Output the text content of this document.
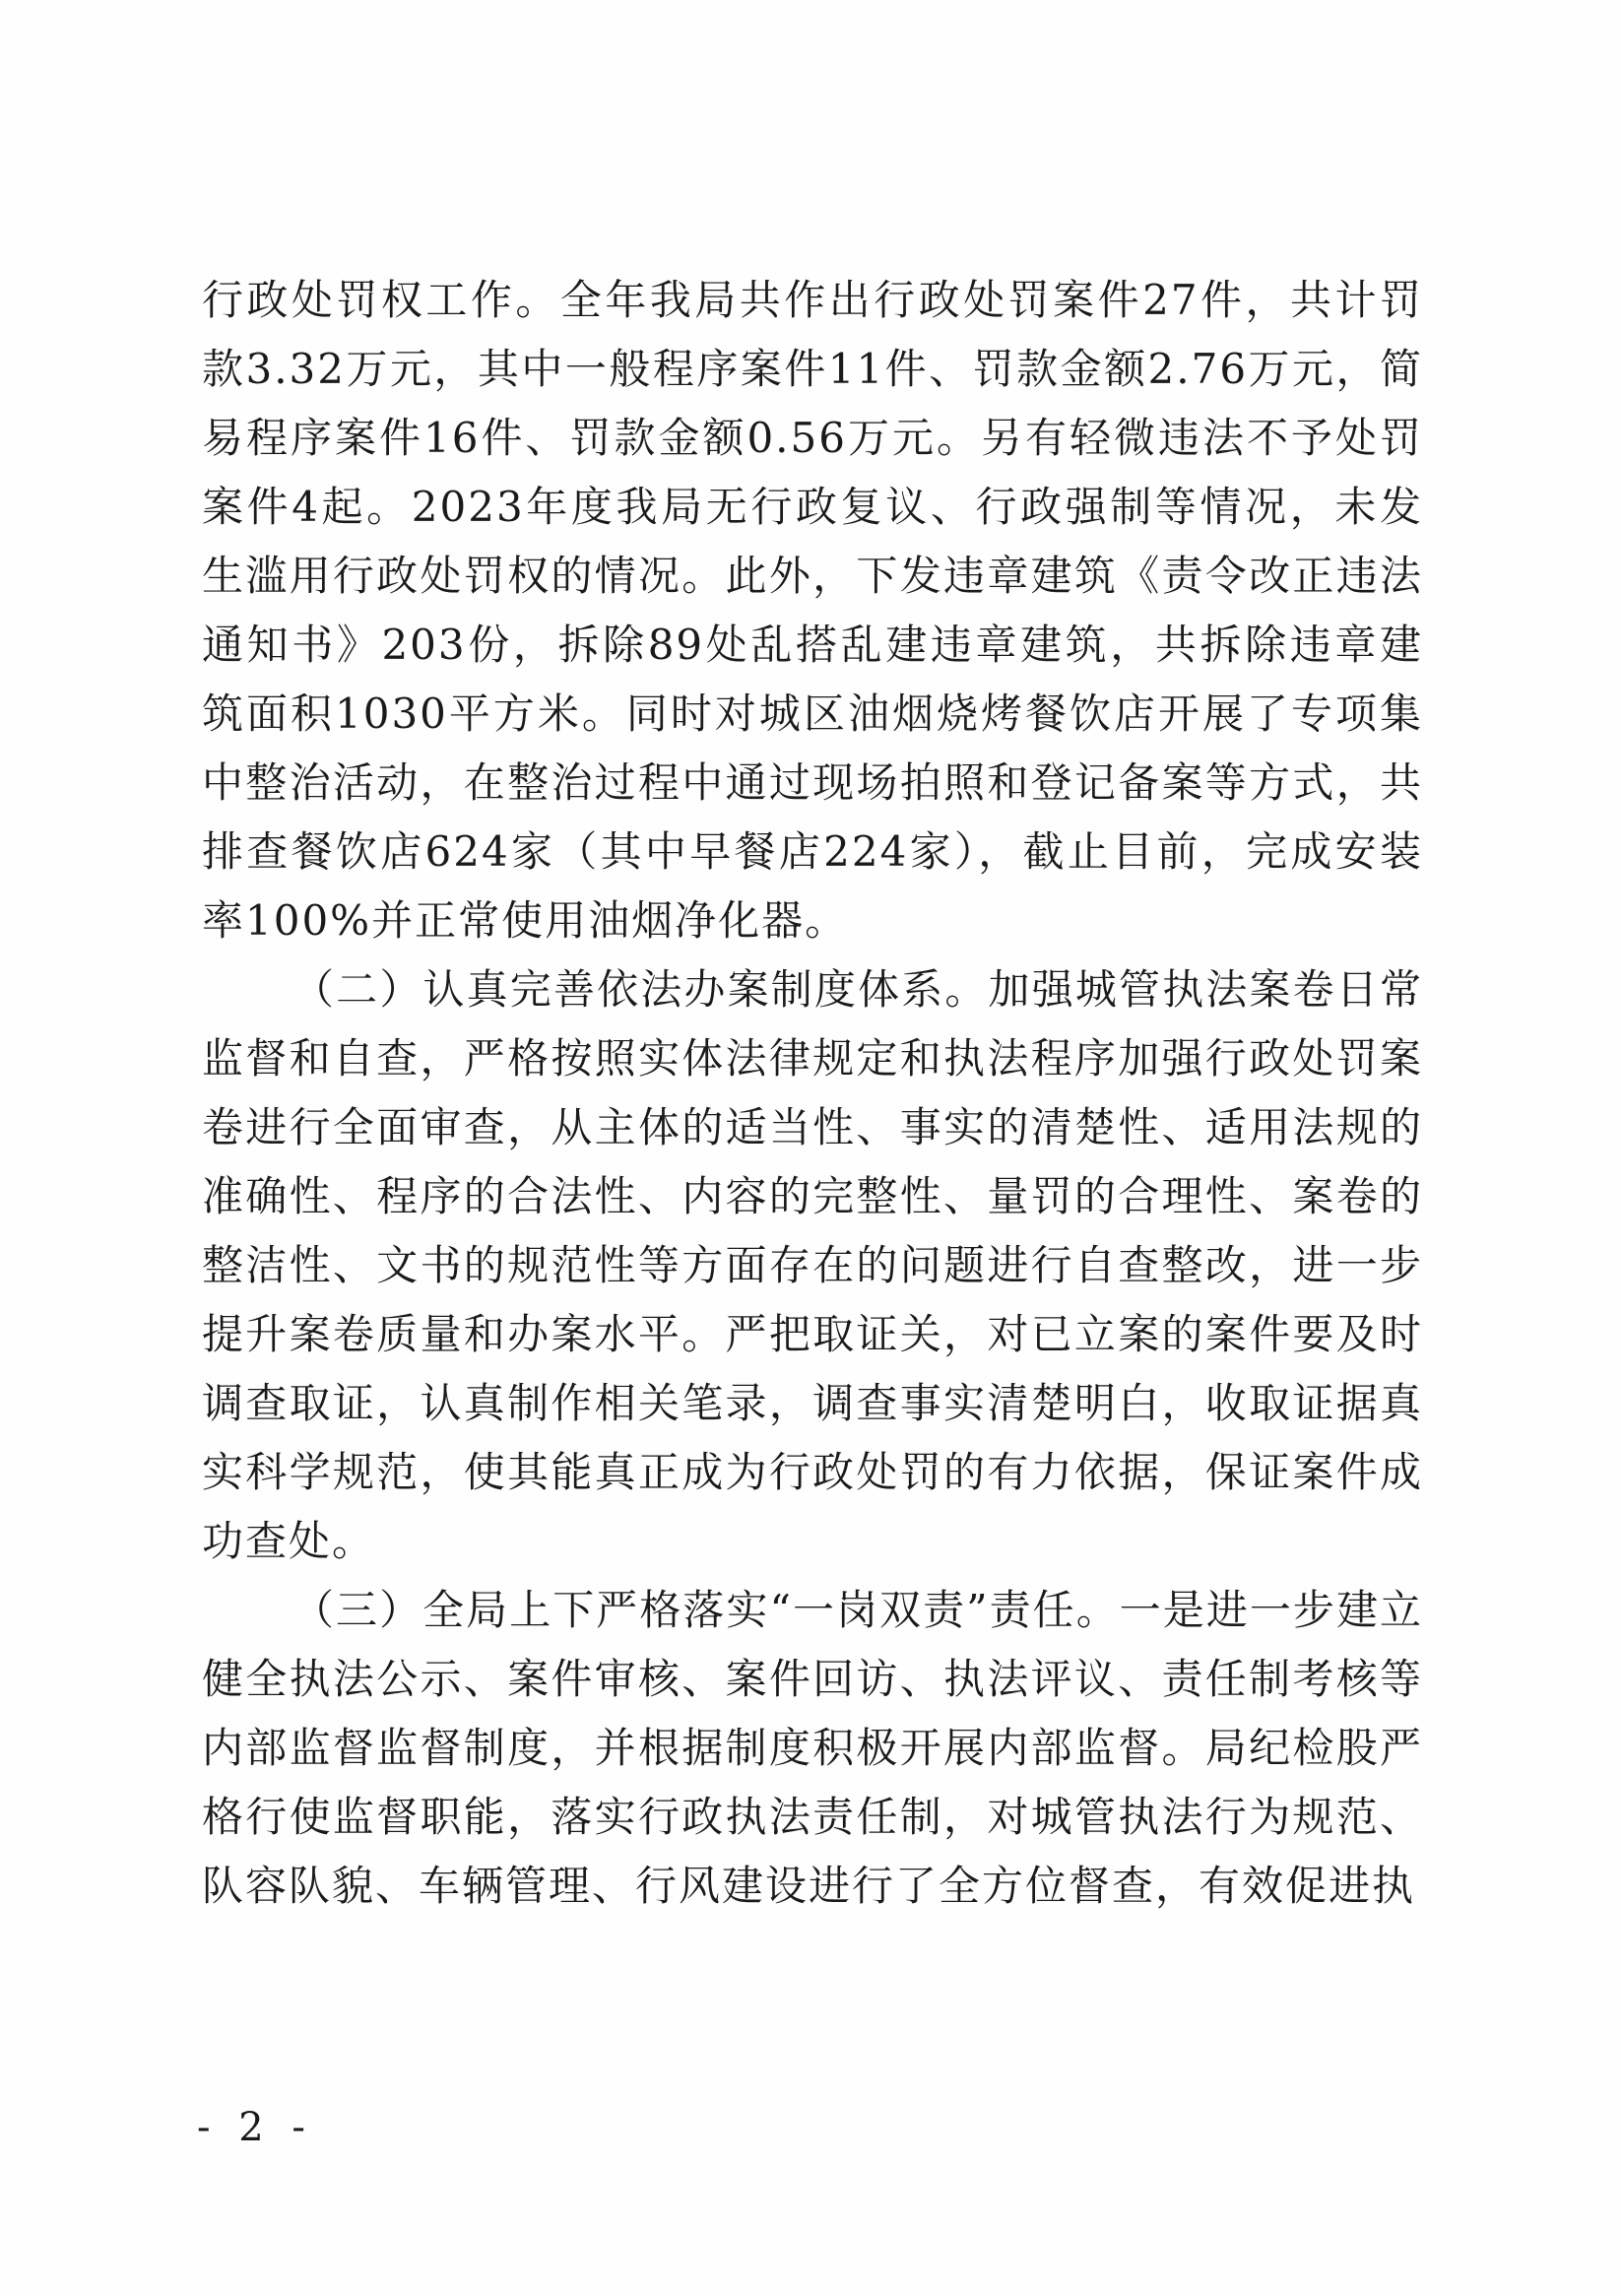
行政处罚权工作。全年我局共作出行政处罚案件27件，共计罚款3.32万元，其中一般程序案件11件、罚款金额2.76万元，简易程序案件16件、罚款金额0.56万元。另有轻微违法不予处罚案件4起。2023年度我局无行政复议、行政强制等情况，未发生滥用行政处罚权的情况。此外，下发违章建筑《责令改正违法通知书》203份，拆除89处乱搭乱建违章建筑，共拆除违章建筑面积1030平方米。同时对城区油烟烧烤餐饮店开展了专项集中整治活动，在整治过程中通过现场拍照和登记备案等方式，共排查餐饮店624家（其中早餐店224家），截止目前，完成安装率100%并正常使用油烟净化器。

（二）认真完善依法办案制度体系。加强城管执法案卷日常监督和自查，严格按照实体法律规定和执法程序加强行政处罚案卷进行全面审查，从主体的适当性、事实的清楚性、适用法规的准确性、程序的合法性、内容的完整性、量罚的合理性、案卷的整洁性、文书的规范性等方面存在的问题进行自查整改，进一步提升案卷质量和办案水平。严把取证关，对已立案的案件要及时调查取证，认真制作相关笔录，调查事实清楚明白，收取证据真实科学规范，使其能真正成为行政处罚的有力依据，保证案件成功查处。

（三）全局上下严格落实“一岗双责”责任。一是进一步建立健全执法公示、案件审核、案件回访、执法评议、责任制考核等内部监督监督制度，并根据制度积极开展内部监督。局纪检股严格行使监督职能，落实行政执法责任制，对城管执法行为规范、队容队貌、车辆管理、行风建设进行了全方位督查，有效促进执

- 2 -
